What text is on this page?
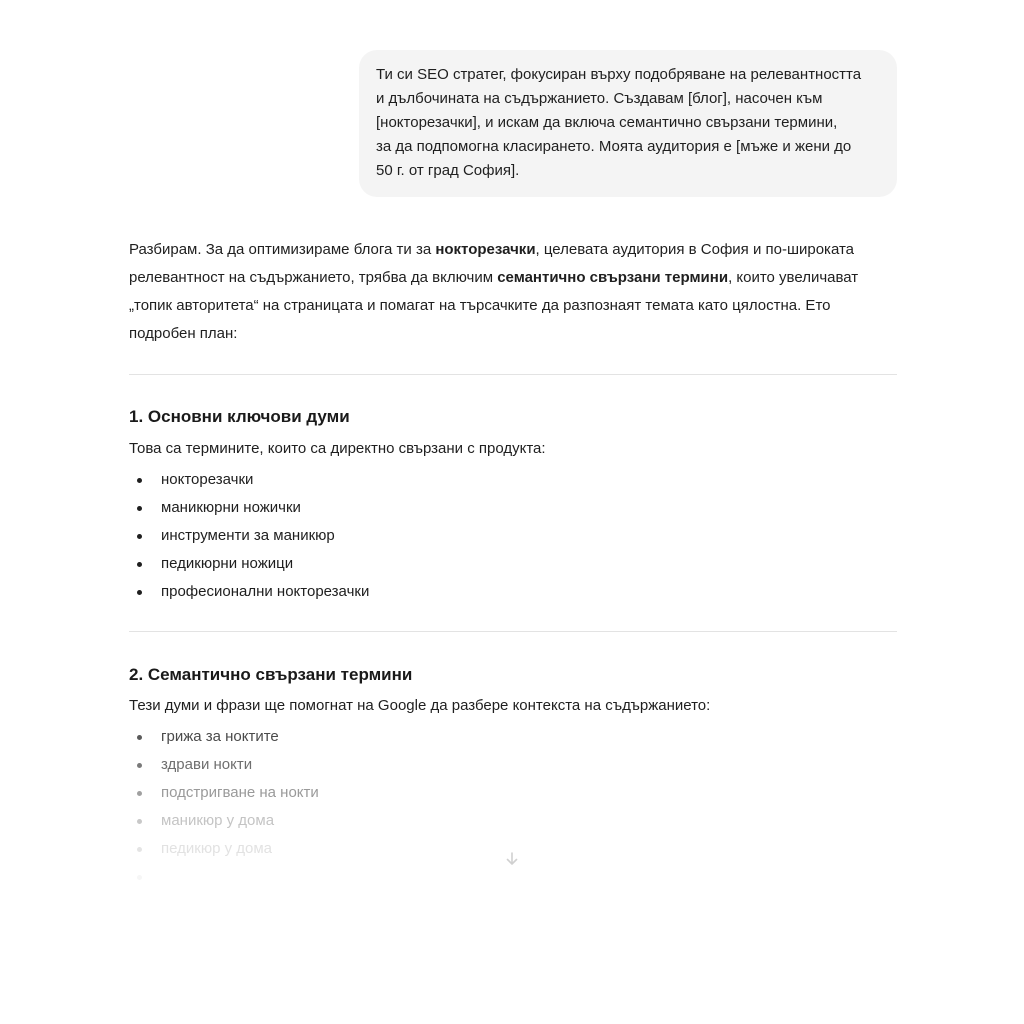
Ти си SEO стратег, фокусиран върху подобряване на релевантността
и дълбочината на съдържанието. Създавам [блог], насочен към
[нокторезачки], и искам да включа семантично свързани термини,
за да подпомогна класирането. Моята аудитория е [мъже и жени до
50 г. от град София].

Разбирам. За да оптимизираме блога ти за нокторезачки, целевата аудитория в София и по-широката релевантност на съдържанието, трябва да включим семантично свързани термини, които увеличават „топик авторитета“ на страницата и помагат на търсачките да разпознаят темата като цялостна. Ето подробен план:

1. Основни ключови думи

Това са термините, които са директно свързани с продукта:

нокторезачки
маникюрни ножички
инструменти за маникюр
педикюрни ножици
професионални нокторезачки

2. Семантично свързани термини

Тези думи и фрази ще помогнат на Google да разбере контекста на съдържанието:

грижа за ноктите
здрави нокти
подстригване на нокти
маникюр у дома
педикюр у дома
